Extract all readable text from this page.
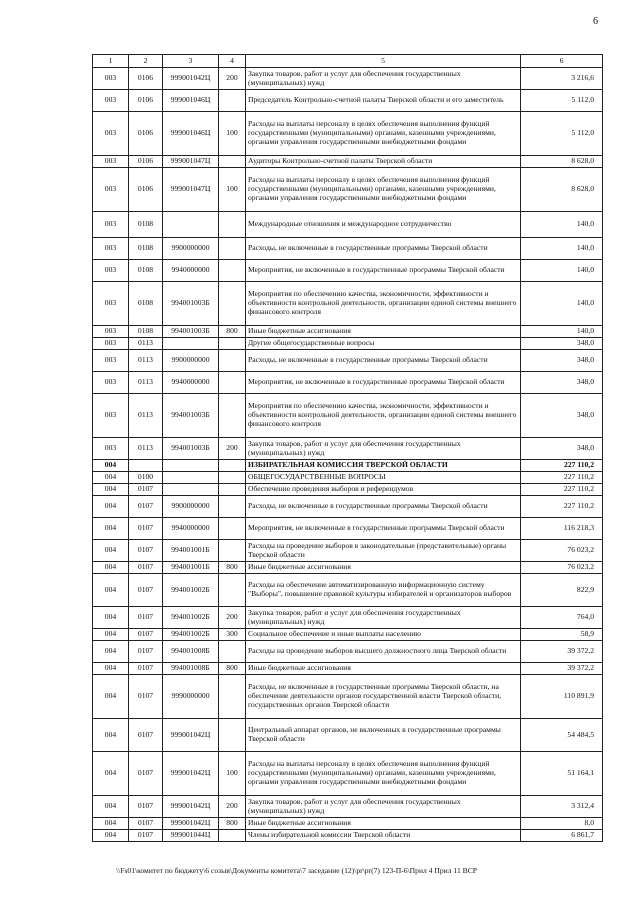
6
1	2	3	4	5	6
003	0106	999001042Ц	200	Закупка товаров, работ и услуг для обеспечения государственных (муниципальных) нужд	3 216,6
003	0106	999001046Ц		Председатель Контрольно-счетной палаты Тверской области и его заместитель	5 112,0
003	0106	999001046Ц	100	Расходы на выплаты персоналу в целях обеспечения выполнения функций государственными (муниципальными) органами, казенными учреждениями, органами управления государственными внебюджетными фондами	5 112,0
003	0106	999001047Ц		Аудиторы Контрольно-счетной палаты Тверской области	8 628,0
003	0106	999001047Ц	100	Расходы на выплаты персоналу в целях обеспечения выполнения функций государственными (муниципальными) органами, казенными учреждениями, органами управления государственными внебюджетными фондами	8 628,0
003	0108			Международные отношения и международное сотрудничество	140,0
003	0108	9900000000		Расходы, не включенные в государственные программы Тверской области	140,0
003	0108	9940000000		Мероприятия, не включенные в государственные программы Тверской области	140,0
003	0108	994001003Б		Мероприятия по обеспечению качества, экономичности, эффективности и объективности контрольной деятельности, организации единой системы внешнего финансового контроля	140,0
003	0108	994001003Б	800	Иные бюджетные ассигнования	140,0
003	0113			Другие общегосударственные вопросы	348,0
003	0113	9900000000		Расходы, не включенные в государственные программы Тверской области	348,0
003	0113	9940000000		Мероприятия, не включенные в государственные программы Тверской области	348,0
003	0113	994001003Б		Мероприятия по обеспечению качества, экономичности, эффективности и объективности контрольной деятельности, организации единой системы внешнего финансового контроля	348,0
003	0113	994001003Б	200	Закупка товаров, работ и услуг для обеспечения государственных (муниципальных) нужд	348,0
004				ИЗБИРАТЕЛЬНАЯ КОМИССИЯ ТВЕРСКОЙ ОБЛАСТИ	227 110,2
004	0100			ОБЩЕГОСУДАРСТВЕННЫЕ ВОПРОСЫ	227 110,2
004	0107			Обеспечение проведения выборов и референдумов	227 110,2
004	0107	9900000000		Расходы, не включенные в государственные программы Тверской области	227 110,2
004	0107	9940000000		Мероприятия, не включенные в государственные программы Тверской области	116 218,3
004	0107	994001001Б		Расходы на проведение выборов в законодательные (представительные) органы Тверской области	76 023,2
004	0107	994001001Б	800	Иные бюджетные ассигнования	76 023,2
004	0107	994001002Б		Расходы на обеспечение автоматизированную информационную систему "Выборы", повышение правовой культуры избирателей и организаторов выборов	822,9
004	0107	994001002Б	200	Закупка товаров, работ и услуг для обеспечения государственных (муниципальных) нужд	764,0
004	0107	994001002Б	300	Социальное обеспечение и иные выплаты населению	58,9
004	0107	994001008Б		Расходы на проведение выборов высшего должностного лица Тверской области	39 372,2
004	0107	994001008Б	800	Иные бюджетные ассигнования	39 372,2
004	0107	9990000000		Расходы, не включенные в государственные программы Тверской области, на обеспечение деятельности органов государственной власти Тверской области, государственных органов Тверской области	110 891,9
004	0107	999001042Ц		Центральный аппарат органов, не включенных в государственные программы Тверской области	54 484,5
004	0107	999001042Ц	100	Расходы на выплаты персоналу в целях обеспечения выполнения функций государственными (муниципальными) органами, казенными учреждениями, органами управления государственными внебюджетными фондами	51 164,1
004	0107	999001042Ц	200	Закупка товаров, работ и услуг для обеспечения государственных (муниципальных) нужд	3 312,4
004	0107	999001042Ц	800	Иные бюджетные ассигнования	8,0
004	0107	999001044Ц		Члены избирательной комиссии Тверской области	6 861,7
\\Fs01\комитет по бюджету\6 созыв\Документы комитета\7 заседание (12)\pr\pr(7) 123-П-6\Прил 4 Прил 11 ВСР
